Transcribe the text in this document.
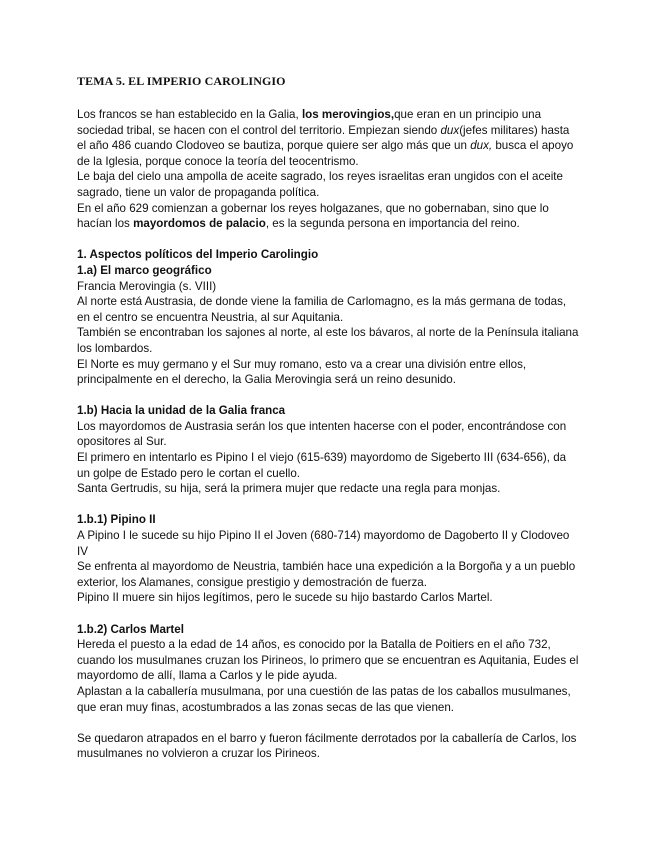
TEMA 5. EL IMPERIO CAROLINGIO

Los francos se han establecido en la Galia, los merovingios,que eran en un principio una sociedad tribal, se hacen con el control del territorio. Empiezan siendo dux(jefes militares) hasta el año 486 cuando Clodoveo se bautiza, porque quiere ser algo más que un dux, busca el apoyo de la Iglesia, porque conoce la teoría del teocentrismo.

Le baja del cielo una ampolla de aceite sagrado, los reyes israelitas eran ungidos con el aceite sagrado, tiene un valor de propaganda política.

En el año 629 comienzan a gobernar los reyes holgazanes, que no gobernaban, sino que lo hacían los mayordomos de palacio, es la segunda persona en importancia del reino.

1. Aspectos políticos del Imperio Carolingio
1.a) El marco geográfico

Francia Merovingia (s. VIII)

Al norte está Austrasia, de donde viene la familia de Carlomagno, es la más germana de todas, en el centro se encuentra Neustria, al sur Aquitania.

También se encontraban los sajones al norte, al este los bávaros, al norte de la Península italiana los lombardos.

El Norte es muy germano y el Sur muy romano, esto va a crear una división entre ellos, principalmente en el derecho, la Galia Merovingia será un reino desunido.

1.b) Hacia la unidad de la Galia franca

Los mayordomos de Austrasia serán los que intenten hacerse con el poder, encontrándose con opositores al Sur.

El primero en intentarlo es Pipino I el viejo (615-639) mayordomo de Sigeberto III (634-656), da un golpe de Estado pero le cortan el cuello.

Santa Gertrudis, su hija, será la primera mujer que redacte una regla para monjas.

1.b.1) Pipino II

A Pipino I le sucede su hijo Pipino II el Joven (680-714) mayordomo de Dagoberto II y Clodoveo IV

Se enfrenta al mayordomo de Neustria, también hace una expedición a la Borgoña y a un pueblo exterior, los Alamanes, consigue prestigio y demostración de fuerza.

Pipino II muere sin hijos legítimos, pero le sucede su hijo bastardo Carlos Martel.

1.b.2) Carlos Martel

Hereda el puesto a la edad de 14 años, es conocido por la Batalla de Poitiers en el año 732, cuando los musulmanes cruzan los Pirineos, lo primero que se encuentran es Aquitania, Eudes el mayordomo de allí, llama a Carlos y le pide ayuda.

Aplastan a la caballería musulmana, por una cuestión de las patas de los caballos musulmanes, que eran muy finas, acostumbrados a las zonas secas de las que vienen.

Se quedaron atrapados en el barro y fueron fácilmente derrotados por la caballería de Carlos, los musulmanes no volvieron a cruzar los Pirineos.
